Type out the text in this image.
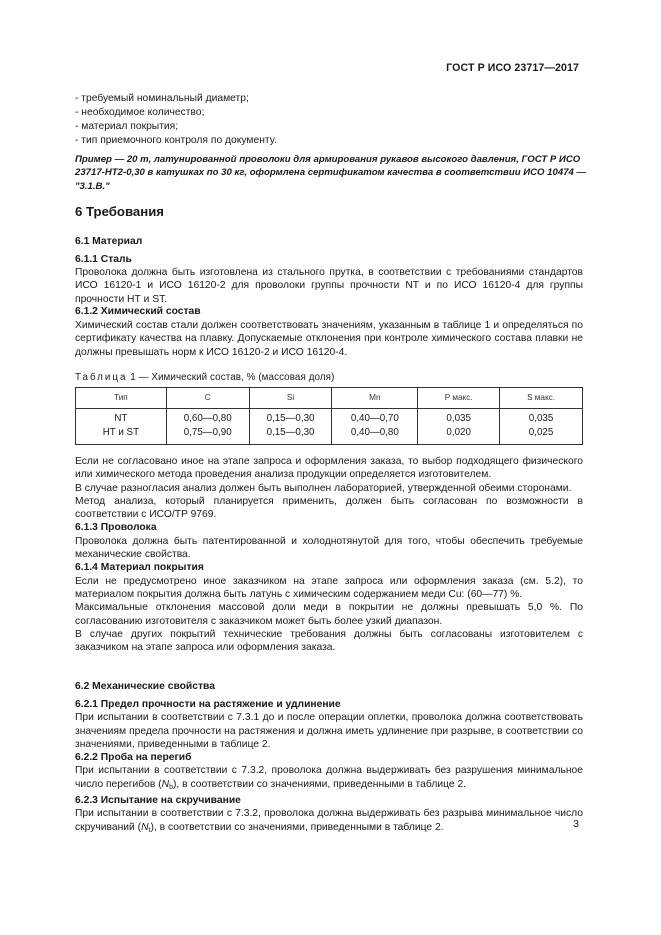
ГОСТ Р ИСО 23717—2017
- требуемый номинальный диаметр;
- необходимое количество;
- материал покрытия;
- тип приемочного контроля по документу.
Пример — 20 т, латунированной проволоки для армирования рукавов высокого давления, ГОСТ Р ИСО 23717-НТ2-0,30 в катушках по 30 кг, оформлена сертификатом качества в соответствии ИСО 10474 — "3.1.В."
6 Требования
6.1 Материал
6.1.1 Сталь

Проволока должна быть изготовлена из стального прутка, в соответствии с требованиями стандартов ИСО 16120-1 и ИСО 16120-2 для проволоки группы прочности NT и по ИСО 16120-4 для группы прочности НТ и ST.

6.1.2 Химический состав

Химический состав стали должен соответствовать значениям, указанным в таблице 1 и определяться по сертификату качества на плавку. Допускаемые отклонения при контроле химического состава плавки не должны превышать норм к ИСО 16120-2 и ИСО 16120-4.

Таблица 1 — Химический состав, % (массовая доля)
Тип	C	Si	Mn	P макс.	S макс.
NT	0,60—0,80	0,15—0,30	0,40—0,70	0,035	0,035
HT и ST	0,75—0,90	0,15—0,30	0,40—0,80	0,020	0,025

Если не согласовано иное на этапе запроса и оформления заказа, то выбор подходящего физического или химического метода проведения анализа продукции определяется изготовителем.

В случае разногласия анализ должен быть выполнен лабораторией, утвержденной обеими сторонами.

Метод анализа, который планируется применить, должен быть согласован по возможности в соответствии с ИСО/TP 9769.

6.1.3 Проволока

Проволока должна быть патентированной и холоднотянутой для того, чтобы обеспечить требуемые механические свойства.

6.1.4 Материал покрытия

Если не предусмотрено иное заказчиком на этапе запроса или оформления заказа (см. 5.2), то материалом покрытия должна быть латунь с химическим содержанием меди Cu: (60—77) %.

Максимальные отклонения массовой доли меди в покрытии не должны превышать 5,0 %. По согласованию изготовителя с заказчиком может быть более узкий диапазон.

В случае других покрытий технические требования должны быть согласованы изготовителем с заказчиком на этапе запроса или оформления заказа.

6.2 Механические свойства

6.2.1 Предел прочности на растяжение и удлинение

При испытании в соответствии с 7.3.1 до и после операции оплетки, проволока должна соответствовать значениям предела прочности на растяжения и должна иметь удлинение при разрыве, в соответствии со значениями, приведенными в таблице 2.

6.2.2 Проба на перегиб

При испытании в соответствии с 7.3.2, проволока должна выдерживать без разрушения минимальное число перегибов $(N_b)$, в соответствии со значениями, приведенными в таблице 2.

6.2.3 Испытание на скручивание

При испытании в соответствии с 7.3.2, проволока должна выдерживать без разрыва минимальное число скручиваний $(N_t)$, в соответствии со значениями, приведенными в таблице 2.	3
